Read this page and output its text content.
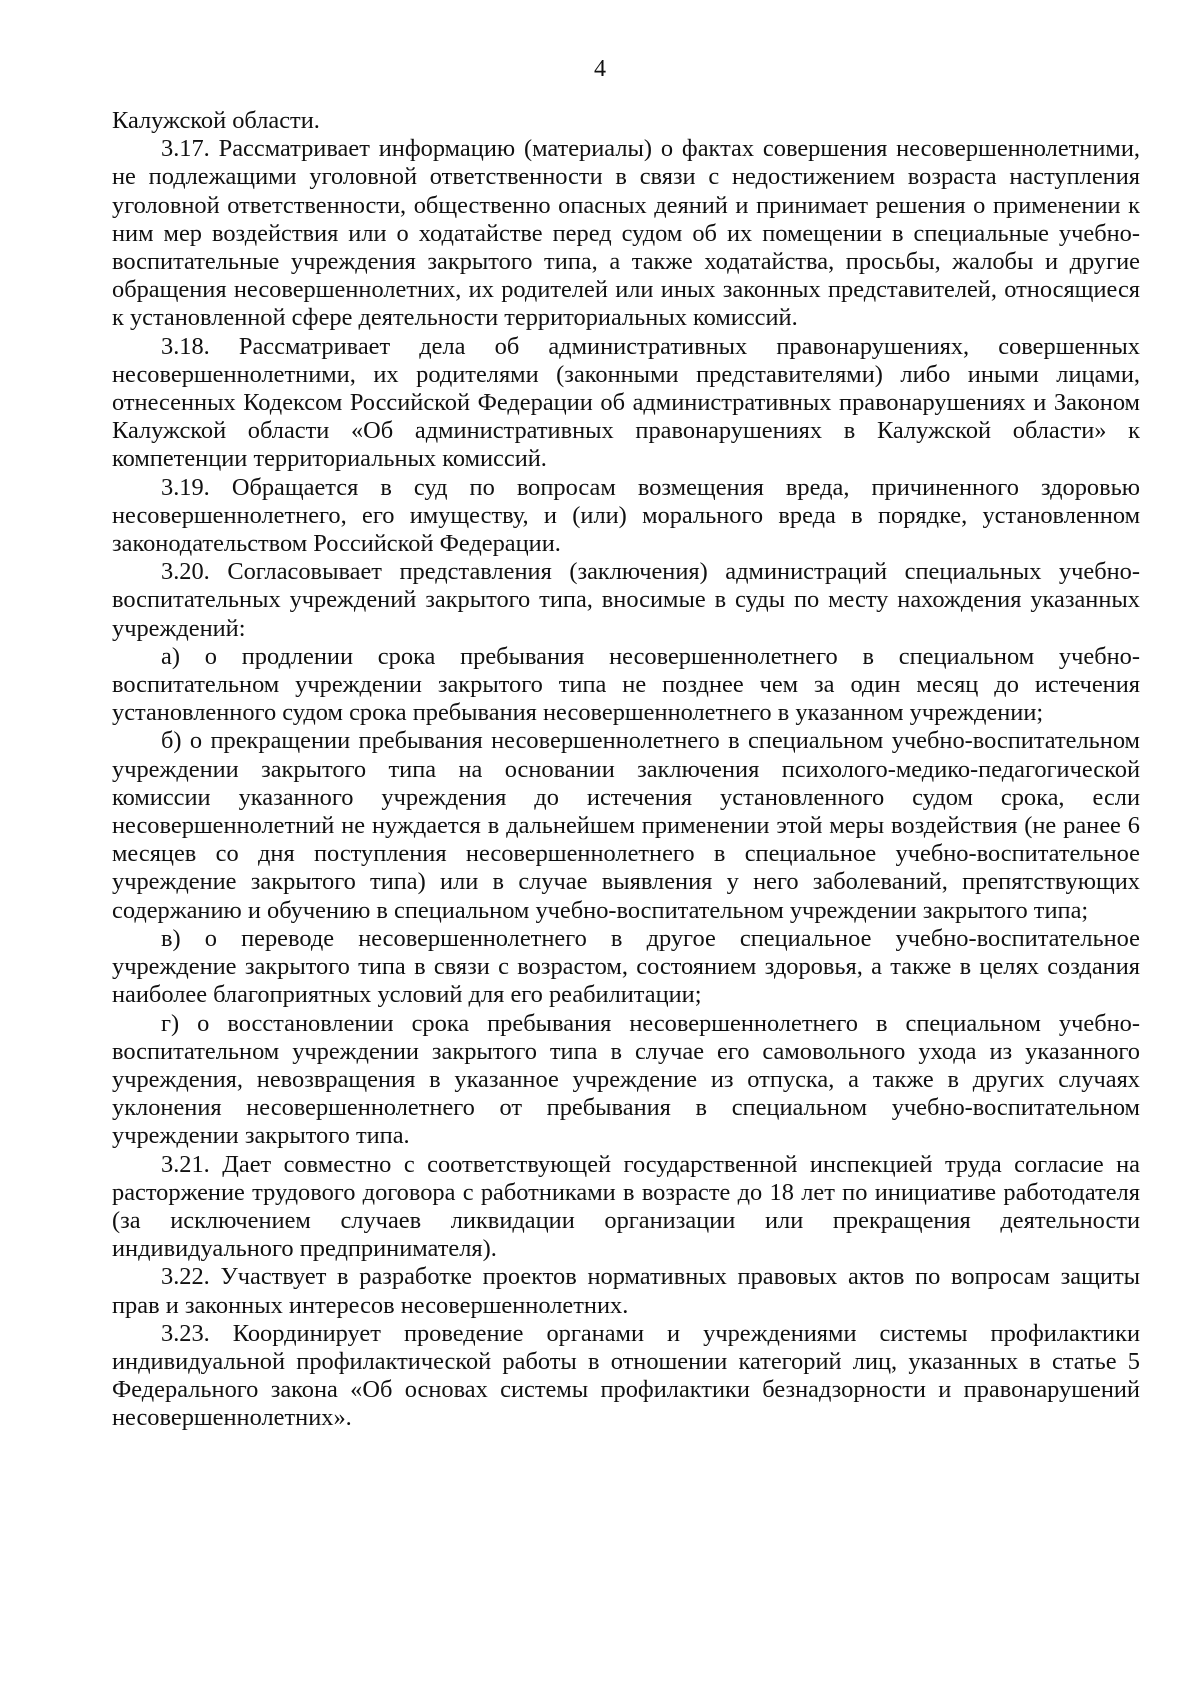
4

Калужской области.

3.17. Рассматривает информацию (материалы) о фактах совершения несовершеннолетними, не подлежащими уголовной ответственности в связи с недостижением возраста наступления уголовной ответственности, общественно опасных деяний и принимает решения о применении к ним мер воздействия или о ходатайстве перед судом об их помещении в специальные учебно-воспитательные учреждения закрытого типа, а также ходатайства, просьбы, жалобы и другие обращения несовершеннолетних, их родителей или иных законных представителей, относящиеся к установленной сфере деятельности территориальных комиссий.

3.18. Рассматривает дела об административных правонарушениях, совершенных несовершеннолетними, их родителями (законными представителями) либо иными лицами, отнесенных Кодексом Российской Федерации об административных правонарушениях и Законом Калужской области «Об административных правонарушениях в Калужской области» к компетенции территориальных комиссий.

3.19. Обращается в суд по вопросам возмещения вреда, причиненного здоровью несовершеннолетнего, его имуществу, и (или) морального вреда в порядке, установленном законодательством Российской Федерации.

3.20. Согласовывает представления (заключения) администраций специальных учебно-воспитательных учреждений закрытого типа, вносимые в суды по месту нахождения указанных учреждений:

а) о продлении срока пребывания несовершеннолетнего в специальном учебно-воспитательном учреждении закрытого типа не позднее чем за один месяц до истечения установленного судом срока пребывания несовершеннолетнего в указанном учреждении;

б) о прекращении пребывания несовершеннолетнего в специальном учебно-воспитательном учреждении закрытого типа на основании заключения психолого-медико-педагогической комиссии указанного учреждения до истечения установленного судом срока, если несовершеннолетний не нуждается в дальнейшем применении этой меры воздействия (не ранее 6 месяцев со дня поступления несовершеннолетнего в специальное учебно-воспитательное учреждение закрытого типа) или в случае выявления у него заболеваний, препятствующих содержанию и обучению в специальном учебно-воспитательном учреждении закрытого типа;

в) о переводе несовершеннолетнего в другое специальное учебно-воспитательное учреждение закрытого типа в связи с возрастом, состоянием здоровья, а также в целях создания наиболее благоприятных условий для его реабилитации;

г) о восстановлении срока пребывания несовершеннолетнего в специальном учебно-воспитательном учреждении закрытого типа в случае его самовольного ухода из указанного учреждения, невозвращения в указанное учреждение из отпуска, а также в других случаях уклонения несовершеннолетнего от пребывания в специальном учебно-воспитательном учреждении закрытого типа.

3.21. Дает совместно с соответствующей государственной инспекцией труда согласие на расторжение трудового договора с работниками в возрасте до 18 лет по инициативе работодателя (за исключением случаев ликвидации организации или прекращения деятельности индивидуального предпринимателя).

3.22. Участвует в разработке проектов нормативных правовых актов по вопросам защиты прав и законных интересов несовершеннолетних.

3.23. Координирует проведение органами и учреждениями системы профилактики индивидуальной профилактической работы в отношении категорий лиц, указанных в статье 5 Федерального закона «Об основах системы профилактики безнадзорности и правонарушений несовершеннолетних».
